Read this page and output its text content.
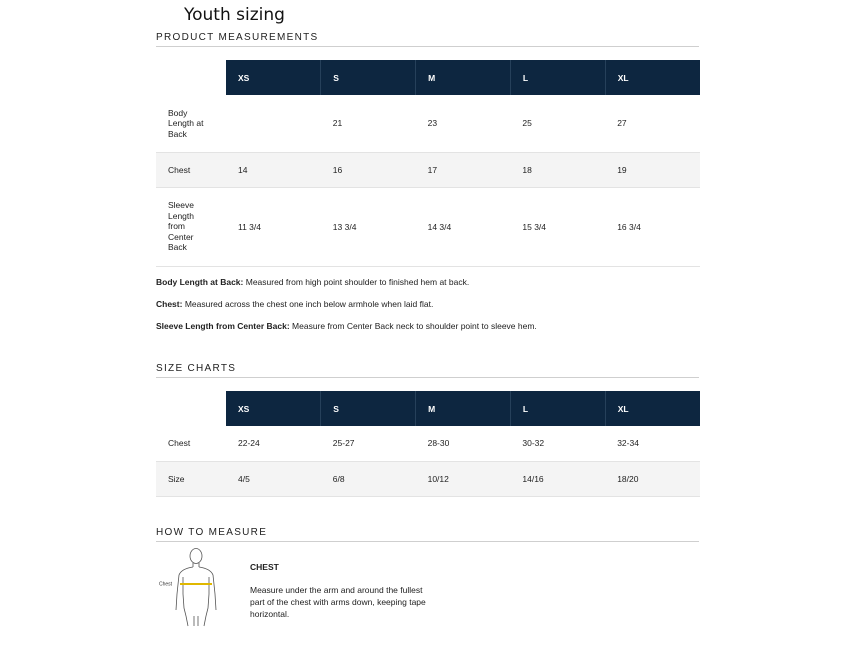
Youth sizing
PRODUCT MEASUREMENTS
	XS	S	M	L	XL
Body Length at Back		21	23	25	27
Chest	14	16	17	18	19
Sleeve Length from Center Back	11 3/4	13 3/4	14 3/4	15 3/4	16 3/4
Body Length at Back: Measured from high point shoulder to finished hem at back.
Chest: Measured across the chest one inch below armhole when laid flat.
Sleeve Length from Center Back: Measure from Center Back neck to shoulder point to sleeve hem.
SIZE CHARTS
	XS	S	M	L	XL
Chest	22-24	25-27	28-30	30-32	32-34
Size	4/5	6/8	10/12	14/16	18/20
HOW TO MEASURE
Chest
CHEST
Measure under the arm and around the fullest part of the chest with arms down, keeping tape horizontal.
